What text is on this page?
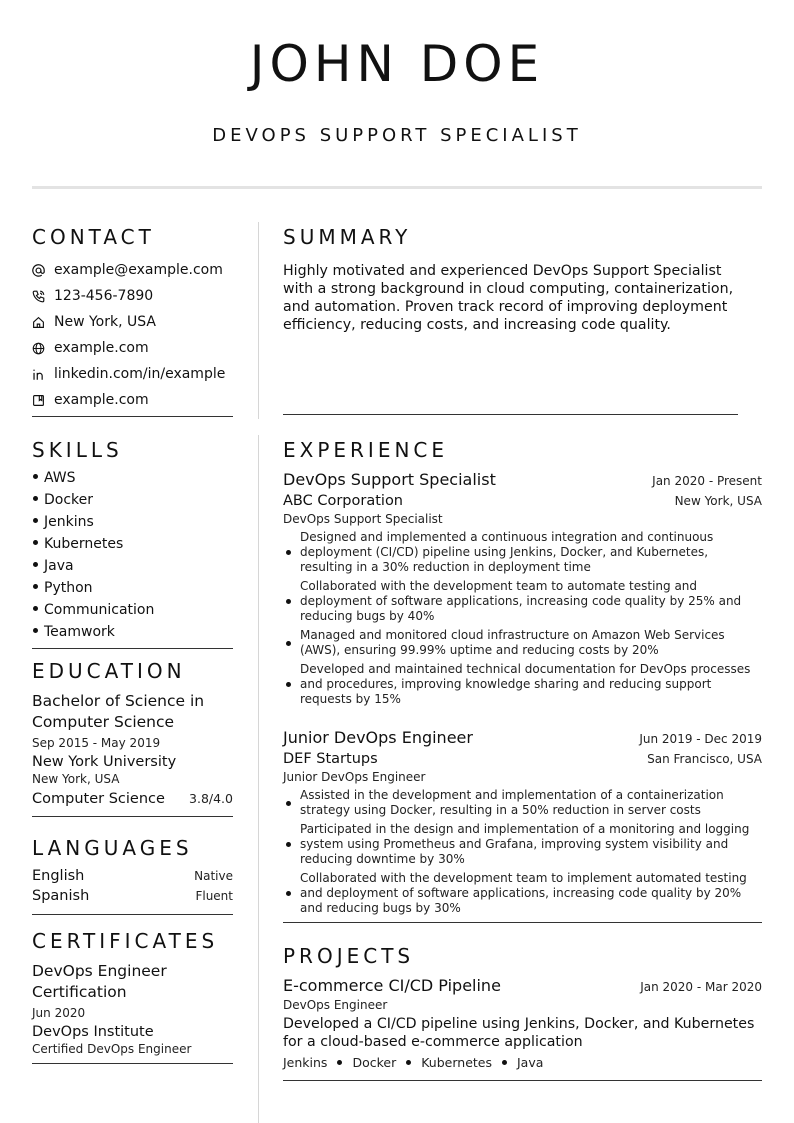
JOHN DOE
DEVOPS SUPPORT SPECIALIST
CONTACT
example@example.com
123-456-7890
New York, USA
example.com
linkedin.com/in/example
example.com
SKILLS
AWS
Docker
Jenkins
Kubernetes
Java
Python
Communication
Teamwork
EDUCATION
Bachelor of Science in Computer Science
Sep 2015 - May 2019
New York University
New York, USA
Computer Science 3.8/4.0
LANGUAGES
English	Native
Spanish	Fluent
CERTIFICATES
DevOps Engineer Certification
Jun 2020
DevOps Institute
Certified DevOps Engineer
SUMMARY
Highly motivated and experienced DevOps Support Specialist with a strong background in cloud computing, containerization, and automation. Proven track record of improving deployment efficiency, reducing costs, and increasing code quality.
EXPERIENCE
DevOps Support Specialist	Jan 2020 - Present
ABC Corporation	New York, USA
DevOps Support Specialist
Designed and implemented a continuous integration and continuous deployment (CI/CD) pipeline using Jenkins, Docker, and Kubernetes, resulting in a 30% reduction in deployment time
Collaborated with the development team to automate testing and deployment of software applications, increasing code quality by 25% and reducing bugs by 40%
Managed and monitored cloud infrastructure on Amazon Web Services (AWS), ensuring 99.99% uptime and reducing costs by 20%
Developed and maintained technical documentation for DevOps processes and procedures, improving knowledge sharing and reducing support requests by 15%
Junior DevOps Engineer	Jun 2019 - Dec 2019
DEF Startups	San Francisco, USA
Junior DevOps Engineer
Assisted in the development and implementation of a containerization strategy using Docker, resulting in a 50% reduction in server costs
Participated in the design and implementation of a monitoring and logging system using Prometheus and Grafana, improving system visibility and reducing downtime by 30%
Collaborated with the development team to implement automated testing and deployment of software applications, increasing code quality by 20% and reducing bugs by 30%
PROJECTS
E-commerce CI/CD Pipeline	Jan 2020 - Mar 2020
DevOps Engineer
Developed a CI/CD pipeline using Jenkins, Docker, and Kubernetes for a cloud-based e-commerce application
Jenkins Docker Kubernetes Java
